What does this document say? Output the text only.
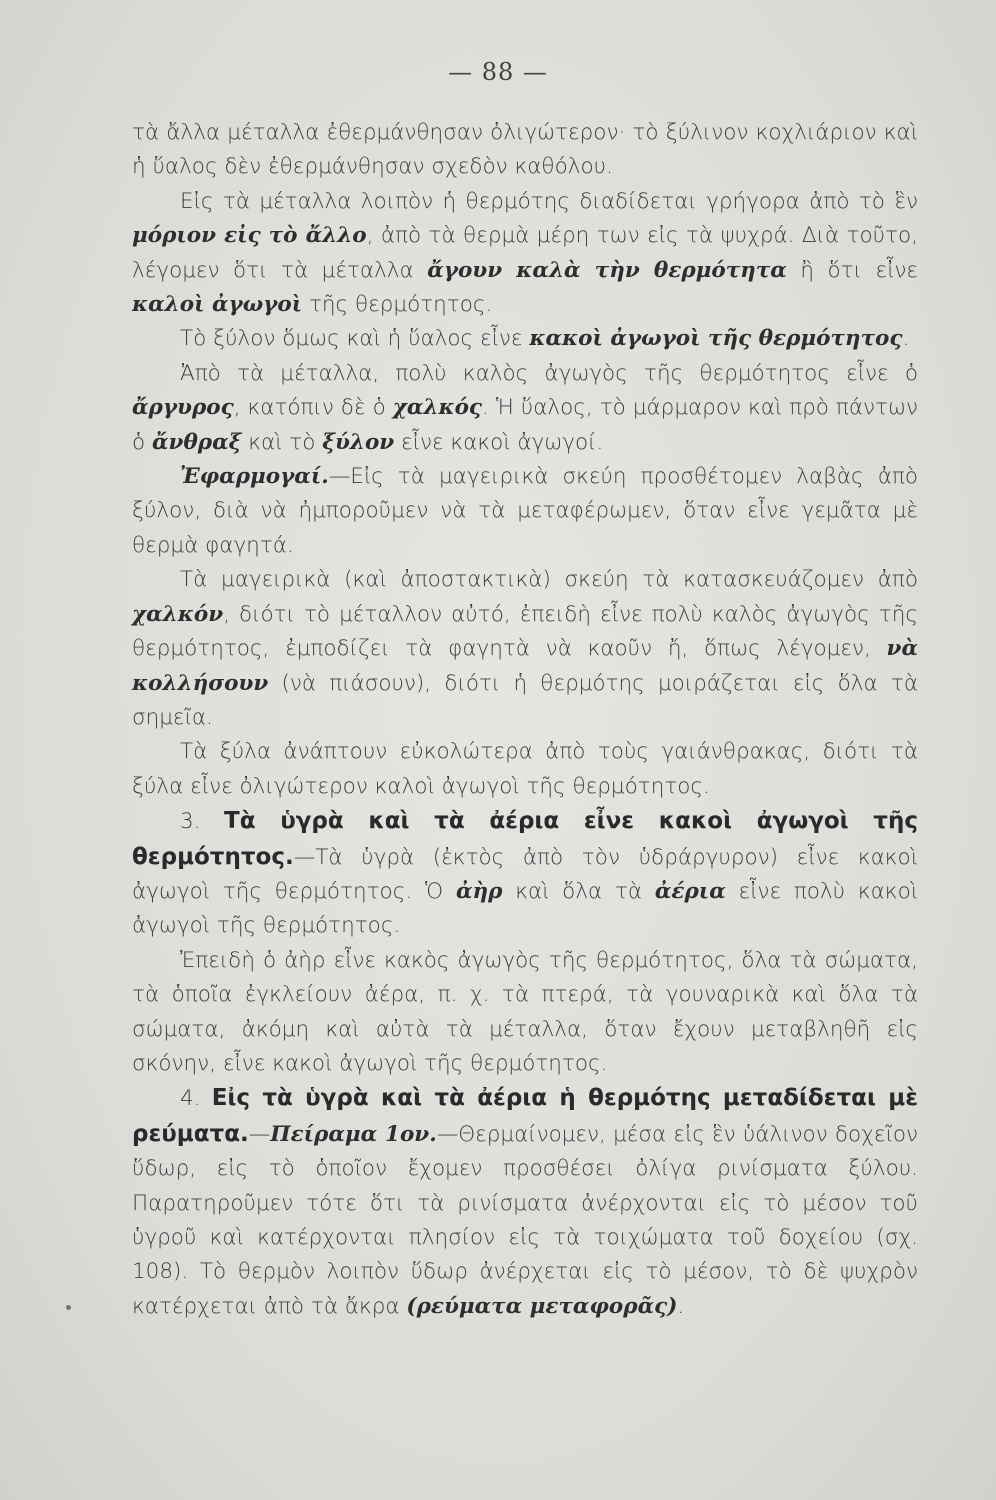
— 88 —

τὰ ἄλλα μέταλλα ἐθερμάνθησαν ὀλιγώτερον· τὸ ξύλινον κοχλιάριον καὶ ἡ ὕαλος δὲν ἐθερμάνθησαν σχεδὸν καθόλου.

Εἰς τὰ μέταλλα λοιπὸν ἡ θερμότης διαδίδεται γρήγορα ἀπὸ τὸ ἓν μόριον εἰς τὸ ἄλλο, ἀπὸ τὰ θερμὰ μέρη των εἰς τὰ ψυχρά. Διὰ τοῦτο, λέγομεν ὅτι τὰ μέταλλα ἄγουν καλὰ τὴν θερμότητα ἢ ὅτι εἶνε καλοὶ ἀγωγοὶ τῆς θερμότητος.

Τὸ ξύλον ὅμως καὶ ἡ ὕαλος εἶνε κακοὶ ἀγωγοὶ τῆς θερμότητος.

Ἀπὸ τὰ μέταλλα, πολὺ καλὸς ἀγωγὸς τῆς θερμότητος εἶνε ὁ ἄργυρος, κατόπιν δὲ ὁ χαλκός. Ἡ ὕαλος, τὸ μάρμαρον καὶ πρὸ πάντων ὁ ἄνθραξ καὶ τὸ ξύλον εἶνε κακοὶ ἀγωγοί.

Ἐφαρμογαί.—Εἰς τὰ μαγειρικὰ σκεύη προσθέτομεν λαβὰς ἀπὸ ξύλον, διὰ νὰ ἠμποροῦμεν νὰ τὰ μεταφέρωμεν, ὅταν εἶνε γεμᾶτα μὲ θερμὰ φαγητά.

Τὰ μαγειρικὰ (καὶ ἀποστακτικὰ) σκεύη τὰ κατασκευάζομεν ἀπὸ χαλκόν, διότι τὸ μέταλλον αὐτό, ἐπειδὴ εἶνε πολὺ καλὸς ἀγωγὸς τῆς θερμότητος, ἐμποδίζει τὰ φαγητὰ νὰ καοῦν ἤ, ὅπως λέγομεν, νὰ κολλήσουν (νὰ πιάσουν), διότι ἡ θερμότης μοιράζεται εἰς ὅλα τὰ σημεῖα.

Τὰ ξύλα ἀνάπτουν εὐκολώτερα ἀπὸ τοὺς γαιάνθρακας, διότι τὰ ξύλα εἶνε ὀλιγώτερον καλοὶ ἀγωγοὶ τῆς θερμότητος.

3. Τὰ ὑγρὰ καὶ τὰ ἀέρια εἶνε κακοὶ ἀγωγοὶ τῆς θερμότητος.—Τὰ ὑγρὰ (ἐκτὸς ἀπὸ τὸν ὑδράργυρον) εἶνε κακοὶ ἀγωγοὶ τῆς θερμότητος. Ὁ ἀὴρ καὶ ὅλα τὰ ἀέρια εἶνε πολὺ κακοὶ ἀγωγοὶ τῆς θερμότητος.

Ἐπειδὴ ὁ ἀὴρ εἶνε κακὸς ἀγωγὸς τῆς θερμότητος, ὅλα τὰ σώματα, τὰ ὁποῖα ἐγκλείουν ἀέρα, π. χ. τὰ πτερά, τὰ γουναρικὰ καὶ ὅλα τὰ σώματα, ἀκόμη καὶ αὐτὰ τὰ μέταλλα, ὅταν ἔχουν μεταβληθῆ εἰς σκόνην, εἶνε κακοὶ ἀγωγοὶ τῆς θερμότητος.

4. Εἰς τὰ ὑγρὰ καὶ τὰ ἀέρια ἡ θερμότης μεταδίδεται μὲ ρεύματα.—Πείραμα 1ον.—Θερμαίνομεν, μέσα εἰς ἓν ὑάλινον δοχεῖον ὕδωρ, εἰς τὸ ὁποῖον ἔχομεν προσθέσει ὀλίγα ρινίσματα ξύλου. Παρατηροῦμεν τότε ὅτι τὰ ρινίσματα ἀνέρχονται εἰς τὸ μέσον τοῦ ὑγροῦ καὶ κατέρχονται πλησίον εἰς τὰ τοιχώματα τοῦ δοχείου (σχ. 108). Τὸ θερμὸν λοιπὸν ὕδωρ ἀνέρχεται εἰς τὸ μέσον, τὸ δὲ ψυχρὸν κατέρχεται ἀπὸ τὰ ἄκρα (ρεύματα μεταφορᾶς).
